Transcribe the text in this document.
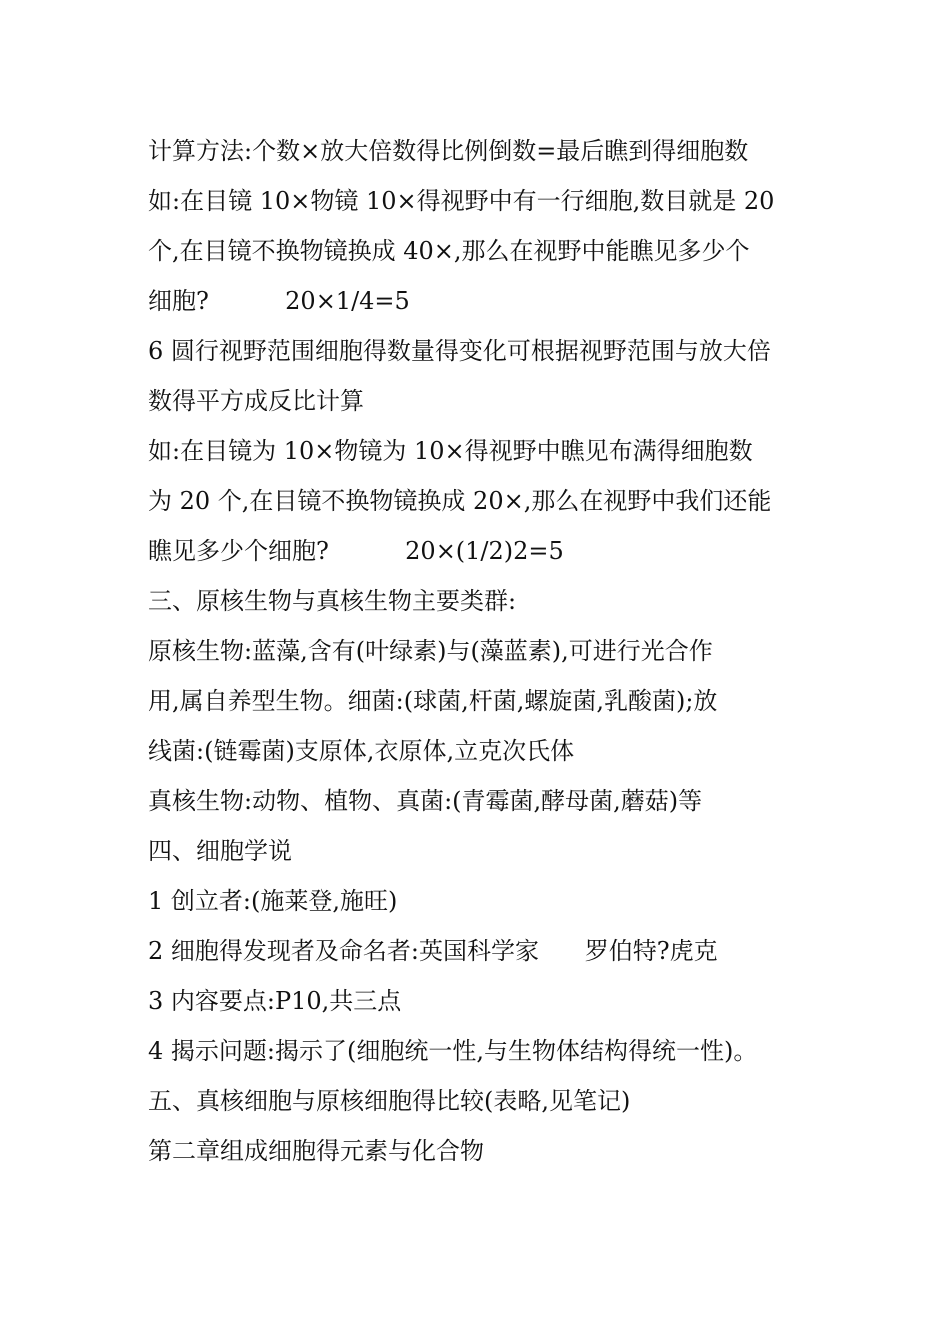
计算方法:个数×放大倍数得比例倒数=最后瞧到得细胞数

如:在目镜 10×物镜 10×得视野中有一行细胞,数目就是 20

个,在目镜不换物镜换成 40×,那么在视野中能瞧见多少个

细胞?          20×1/4=5

6 圆行视野范围细胞得数量得变化可根据视野范围与放大倍

数得平方成反比计算

如:在目镜为 10×物镜为 10×得视野中瞧见布满得细胞数

为 20 个,在目镜不换物镜换成 20×,那么在视野中我们还能

瞧见多少个细胞?          20×(1/2)2=5

三、原核生物与真核生物主要类群:

原核生物:蓝藻,含有(叶绿素)与(藻蓝素),可进行光合作

用,属自养型生物。细菌:(球菌,杆菌,螺旋菌,乳酸菌);放

线菌:(链霉菌)支原体,衣原体,立克次氏体

真核生物:动物、植物、真菌:(青霉菌,酵母菌,蘑菇)等

四、细胞学说

1 创立者:(施莱登,施旺)

2 细胞得发现者及命名者:英国科学家      罗伯特?虎克

3 内容要点:P10,共三点

4 揭示问题:揭示了(细胞统一性,与生物体结构得统一性)。

五、真核细胞与原核细胞得比较(表略,见笔记)

第二章组成细胞得元素与化合物
